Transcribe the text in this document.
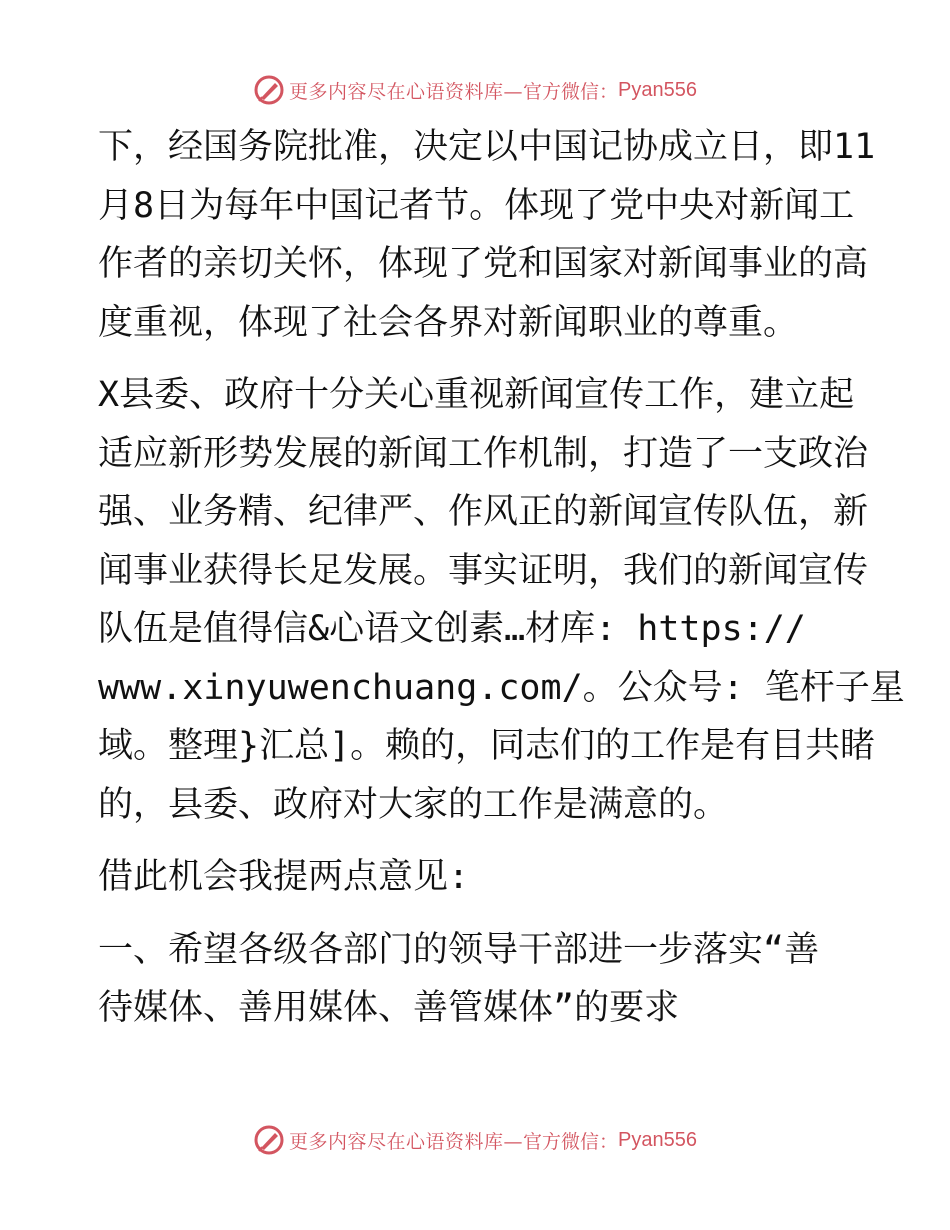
更多内容尽在心语资料库— 官方微信： Pyan556

下，经国务院批准，决定以中国记协成立日，即11
月8日为每年中国记者节。体现了党中央对新闻工
作者的亲切关怀，体现了党和国家对新闻事业的高
度重视，体现了社会各界对新闻职业的尊重。

X县委、政府十分关心重视新闻宣传工作，建立起
适应新形势发展的新闻工作机制，打造了一支政治
强、业务精、纪律严、作风正的新闻宣传队伍，新
闻事业获得长足发展。事实证明，我们的新闻宣传
队伍是值得信&心语文创素…材库: https://
www.xinyuwenchuang.com/。公众号: 笔杆子星
域。整理}汇总]。赖的，同志们的工作是有目共睹
的，县委、政府对大家的工作是满意的。

借此机会我提两点意见:

一、希望各级各部门的领导干部进一步落实“善
待媒体、善用媒体、善管媒体”的要求

更多内容尽在心语资料库— 官方微信： Pyan556
